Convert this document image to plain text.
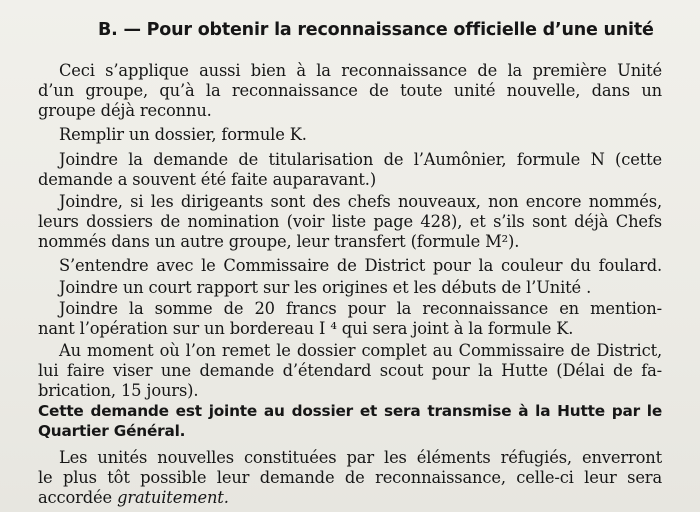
B. — Pour obtenir la reconnaissance officielle d’une unité
Ceci s’applique aussi bien à la reconnaissance de la première Unité
d’un groupe, qu’à la reconnaissance de toute unité nouvelle, dans un
groupe déjà reconnu.
Remplir un dossier, formule K.
Joindre la demande de titularisation de l’Aumônier, formule N (cette
demande a souvent été faite auparavant.)
Joindre, si les dirigeants sont des chefs nouveaux, non encore nommés,
leurs dossiers de nomination (voir liste page 428), et s’ils sont déjà Chefs
nommés dans un autre groupe, leur transfert (formule M²).
S’entendre avec le Commissaire de District pour la couleur du foulard.
Joindre un court rapport sur les origines et les débuts de l’Unité .
Joindre la somme de 20 francs pour la reconnaissance en mention-
nant l’opération sur un bordereau I ⁴ qui sera joint à la formule K.
Au moment où l’on remet le dossier complet au Commissaire de District,
lui faire viser une demande d’étendard scout pour la Hutte (Délai de fa-
brication, 15 jours).
Cette demande est jointe au dossier et sera transmise à la Hutte par le
Quartier Général.
Les unités nouvelles constituées par les éléments réfugiés, enverront
le plus tôt possible leur demande de reconnaissance, celle-ci leur sera
accordée gratuitement.
